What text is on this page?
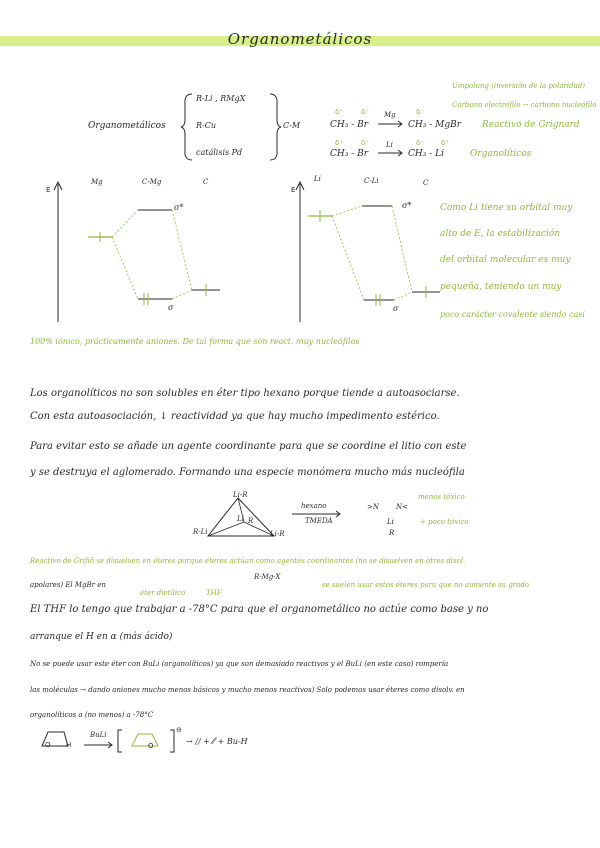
Organometálicos
Organometálicos
R-Li , RMgX
R-Cu
catálisis Pd
C-M
Umpolung (inversión de la polaridad)
Carbono electrófilo → carbono nucleófilo
δ⁺	δ⁻	δ⁻
CH₃ - Br
Mg
CH₃ - MgBr Reactivo de Grignard
δ⁺	δ⁻	δ⁻ δ⁺
CH₃ - Br
Li
CH₃ - Li	Organolíticos
E
Mg	C-Mg	C
σ*
σ
E
Li	C-Li	C
σ*
σ
Como Li tiene su orbital muy
alto de E, la estabilización
del orbital molecular es muy
pequeña, teniendo un muy
poco carácter covalente siendo casi
100% iónico, prácticamente aniones. De tal forma que son react. muy nucleófilos
Los organolíticos no son solubles en éter tipo hexano porque tiende a autoasociarse.
Con esta autoasociación, ↓ reactividad ya que hay mucho impedimento estérico.
Para evitar esto se añade un agente coordinante para que se coordine el litio con este
y se destruya el aglomerado. Formando una especie monómera mucho más nucleófila
Li-R
Li R
R-Li	Li-R
hexano
TMEDA
>N N<
Li
R
menos tóxico
+ poco tóxico
Reactivo de Grifiñ se disuelven en éteres porque éteres actúan como agentes coordinantes (no se disuelven en otros disol.
apolares) El MgBr en
éter dietílico	THF
R-Mg-X
se suelen usar estos éteres para que no aumente su grado
El THF lo tengo que trabajar a -78°C para que el organometálico no actúe como base y no
arranque el H en α (más ácido)
No se puede usar este éter con BuLi (organolíticos) ya que son demasiado reactivos y el BuLi (en este caso) rompería
las moléculas → dando aniones mucho menos básicos y mucho menos reactivos) Solo podemos usar éteres como disolv. en
organolíticos a (no menos) a -78°C
O H
BuLi
O
⊖
→ // + ⁄⁄ + Bu-H
